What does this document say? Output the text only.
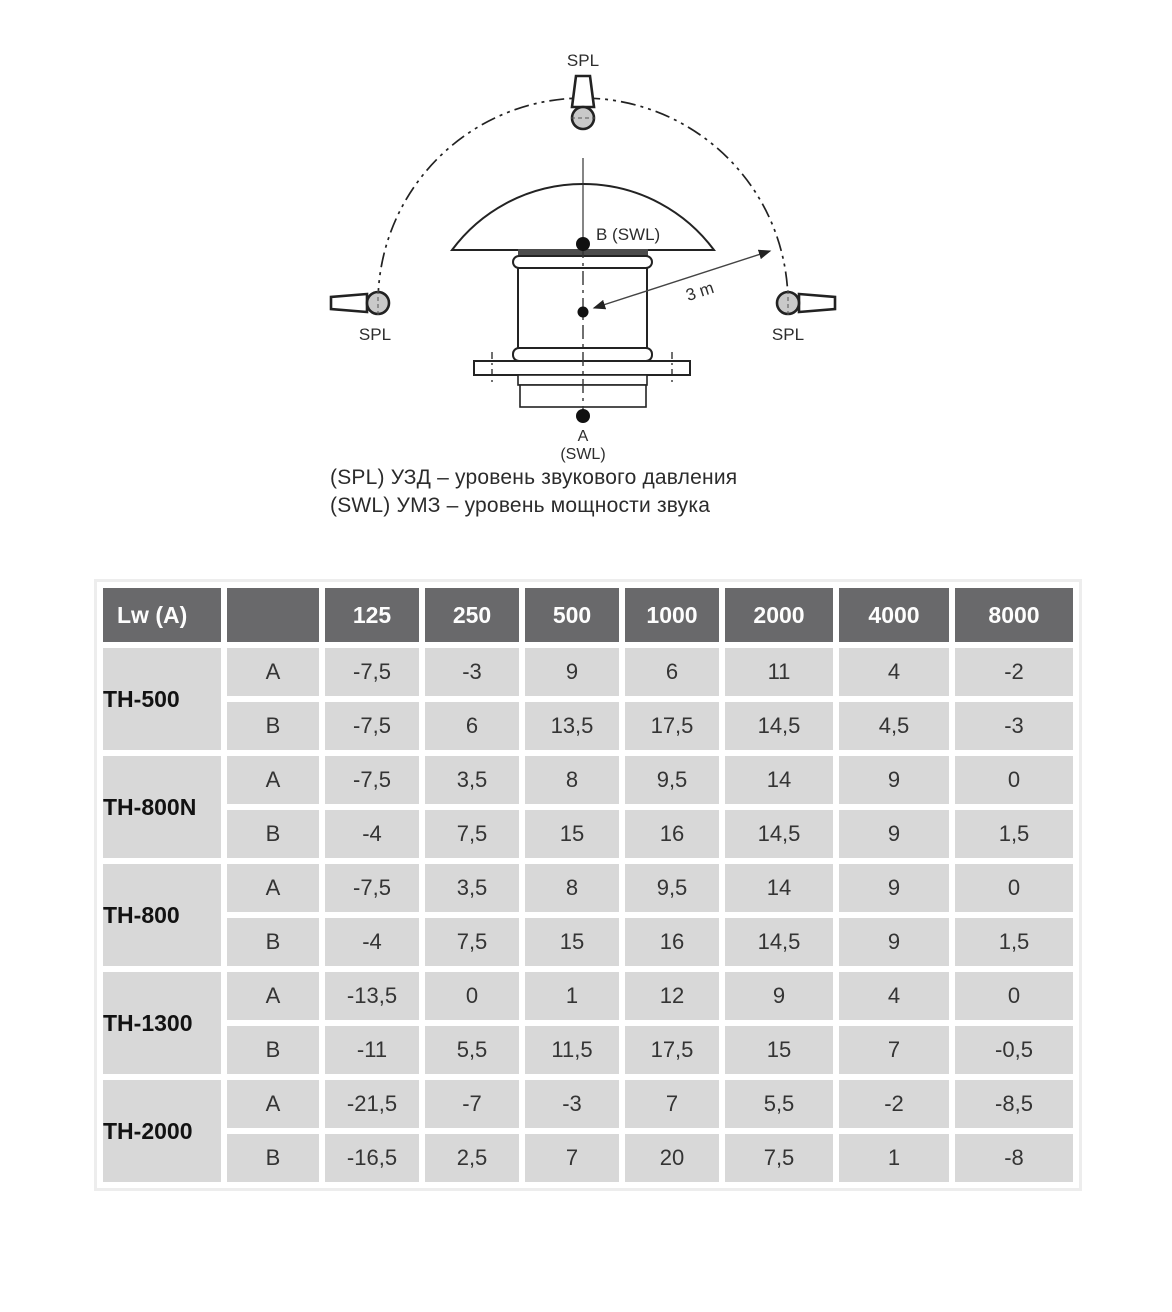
3 m
SPL
SPL	SPL
B (SWL)
A
(SWL)
(SPL) УЗД – уровень звукового давления
(SWL) УМЗ – уровень мощности звука
Lw (A)		125	250	500	1000	2000	4000	8000
TH-500	A	-7,5	-3	9	6	11	4	-2
	B	-7,5	6	13,5	17,5	14,5	4,5	-3
TH-800N	A	-7,5	3,5	8	9,5	14	9	0
	B	-4	7,5	15	16	14,5	9	1,5
TH-800	A	-7,5	3,5	8	9,5	14	9	0
	B	-4	7,5	15	16	14,5	9	1,5
TH-1300	A	-13,5	0	1	12	9	4	0
	B	-11	5,5	11,5	17,5	15	7	-0,5
TH-2000	A	-21,5	-7	-3	7	5,5	-2	-8,5
	B	-16,5	2,5	7	20	7,5	1	-8
